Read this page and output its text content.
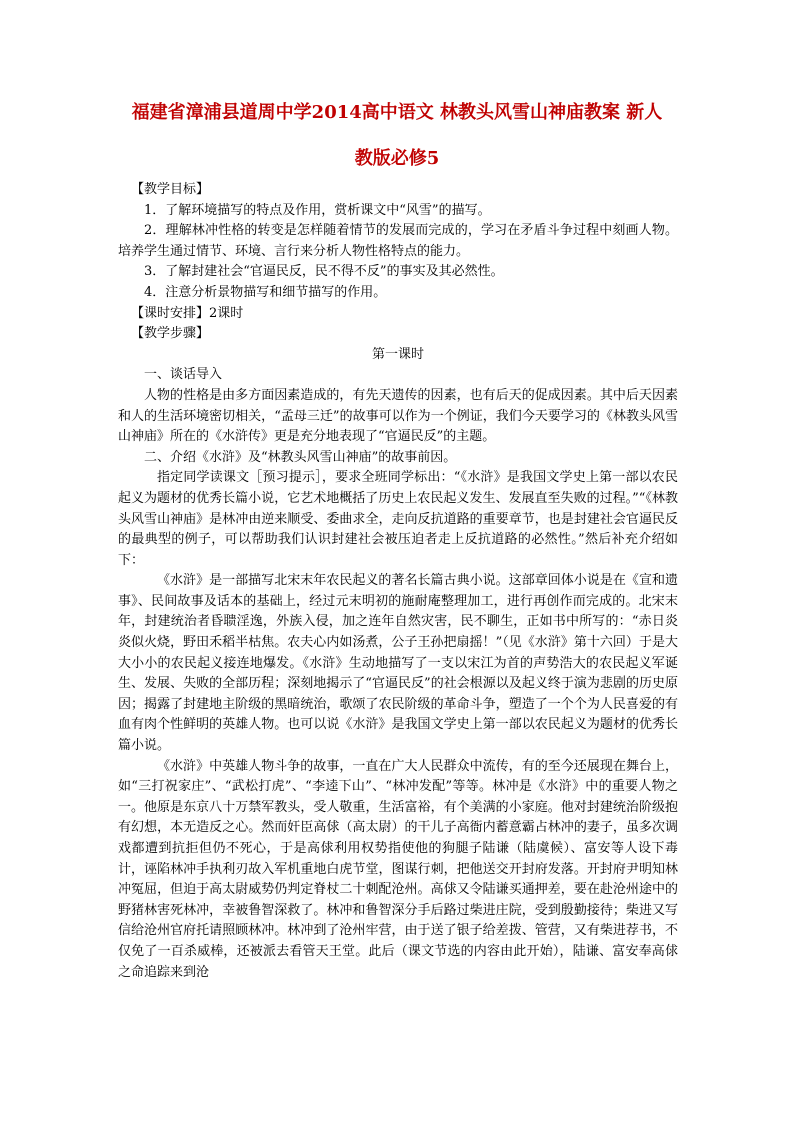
福建省漳浦县道周中学2014高中语文 林教头风雪山神庙教案 新人
教版必修5

【教学目标】

1．了解环境描写的特点及作用，赏析课文中“风雪”的描写。

2．理解林冲性格的转变是怎样随着情节的发展而完成的，学习在矛盾斗争过程中刻画人物。培养学生通过情节、环境、言行来分析人物性格特点的能力。

3．了解封建社会“官逼民反，民不得不反”的事实及其必然性。

4．注意分析景物描写和细节描写的作用。

【课时安排】2课时

【教学步骤】

第一课时

一、谈话导入

人物的性格是由多方面因素造成的，有先天遗传的因素，也有后天的促成因素。其中后天因素和人的生活环境密切相关，“孟母三迁”的故事可以作为一个例证，我们今天要学习的《林教头风雪山神庙》所在的《水浒传》更是充分地表现了“官逼民反”的主题。

二、介绍《水浒》及“林教头风雪山神庙”的故事前因。

指定同学读课文［预习提示］，要求全班同学标出：“《水浒》是我国文学史上第一部以农民起义为题材的优秀长篇小说，它艺术地概括了历史上农民起义发生、发展直至失败的过程。”“《林教头风雪山神庙》是林冲由逆来顺受、委曲求全，走向反抗道路的重要章节，也是封建社会官逼民反的最典型的例子，可以帮助我们认识封建社会被压迫者走上反抗道路的必然性。”然后补充介绍如下：

《水浒》是一部描写北宋末年农民起义的著名长篇古典小说。这部章回体小说是在《宣和遗事》、民间故事及话本的基础上，经过元末明初的施耐庵整理加工，进行再创作而完成的。北宋末年，封建统治者昏聩淫逸，外族入侵，加之连年自然灾害，民不聊生，正如书中所写的：“赤日炎炎似火烧，野田禾稻半枯焦。农夫心内如汤煮，公子王孙把扇摇！”（见《水浒》第十六回）于是大大小小的农民起义接连地爆发。《水浒》生动地描写了一支以宋江为首的声势浩大的农民起义军诞生、发展、失败的全部历程；深刻地揭示了“官逼民反”的社会根源以及起义终于演为悲剧的历史原因；揭露了封建地主阶级的黑暗统治，歌颂了农民阶级的革命斗争，塑造了一个个为人民喜爱的有血有肉个性鲜明的英雄人物。也可以说《水浒》是我国文学史上第一部以农民起义为题材的优秀长篇小说。

《水浒》中英雄人物斗争的故事，一直在广大人民群众中流传，有的至今还展现在舞台上，如“三打祝家庄”、“武松打虎”、“李逵下山”、“林冲发配”等等。林冲是《水浒》中的重要人物之一。他原是东京八十万禁军教头，受人敬重，生活富裕，有个美满的小家庭。他对封建统治阶级抱有幻想，本无造反之心。然而奸臣高俅（高太尉）的干儿子高衙内蓄意霸占林冲的妻子，虽多次调戏都遭到抗拒但仍不死心，于是高俅利用权势指使他的狗腿子陆谦（陆虞候）、富安等人设下毒计，诬陷林冲手执利刃故入军机重地白虎节堂，图谋行刺，把他送交开封府发落。开封府尹明知林冲冤屈，但迫于高太尉威势仍判定脊杖二十刺配沧州。高俅又令陆谦买通押差，要在赴沧州途中的野猪林害死林冲，幸被鲁智深救了。林冲和鲁智深分手后路过柴进庄院，受到殷勤接待；柴进又写信给沧州官府托请照顾林冲。林冲到了沧州牢营，由于送了银子给差拨、管营，又有柴进荐书，不仅免了一百杀威棒，还被派去看管天王堂。此后（课文节选的内容由此开始），陆谦、富安奉高俅之命追踪来到沧
